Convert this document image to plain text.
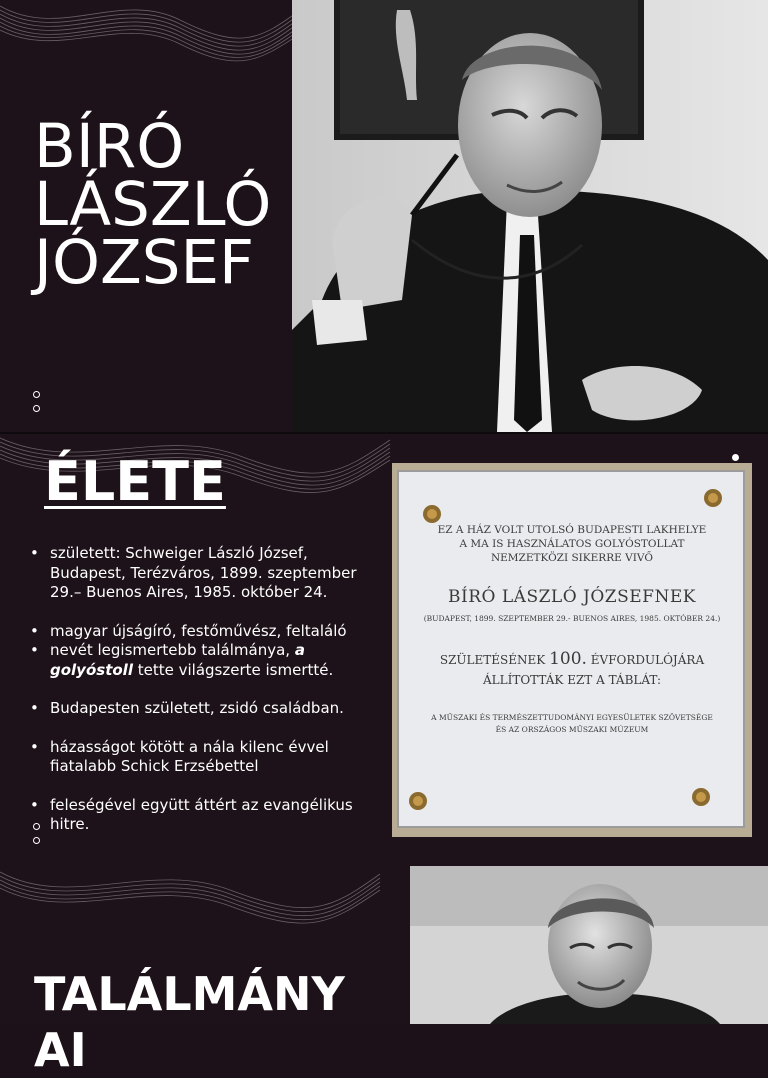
BÍRÓ
LÁSZLÓ
JÓZSEF
ÉLETE
• született: Schweiger László József, Budapest, Terézváros, 1899. szeptember 29.– Buenos Aires, 1985. október 24.
• magyar újságíró, festőművész, feltaláló
• nevét legismertebb találmánya, a golyóstoll tette világszerte ismertté.
• Budapesten született, zsidó családban.
• házasságot kötött a nála kilenc évvel fiatalabb Schick Erzsébettel
• feleségével együtt áttért az evangélikus hitre.
EZ A HÁZ VOLT UTOLSÓ BUDAPESTI LAKHELYE
A MA IS HASZNÁLATOS GOLYÓSTOLLAT
NEMZETKÖZI SIKERRE VIVŐ
BÍRÓ LÁSZLÓ JÓZSEFNEK
(BUDAPEST, 1899. SZEPTEMBER 29.- BUENOS AIRES, 1985. OKTÓBER 24.)
SZÜLETÉSÉNEK 100. ÉVFORDULÓJÁRA
ÁLLÍTOTTÁK EZT A TÁBLÁT:
A MŰSZAKI ÉS TERMÉSZETTUDOMÁNYI EGYESÜLETEK SZÖVETSÉGE
ÉS AZ ORSZÁGOS MŰSZAKI MÚZEUM
TALÁLMÁNY
AI
